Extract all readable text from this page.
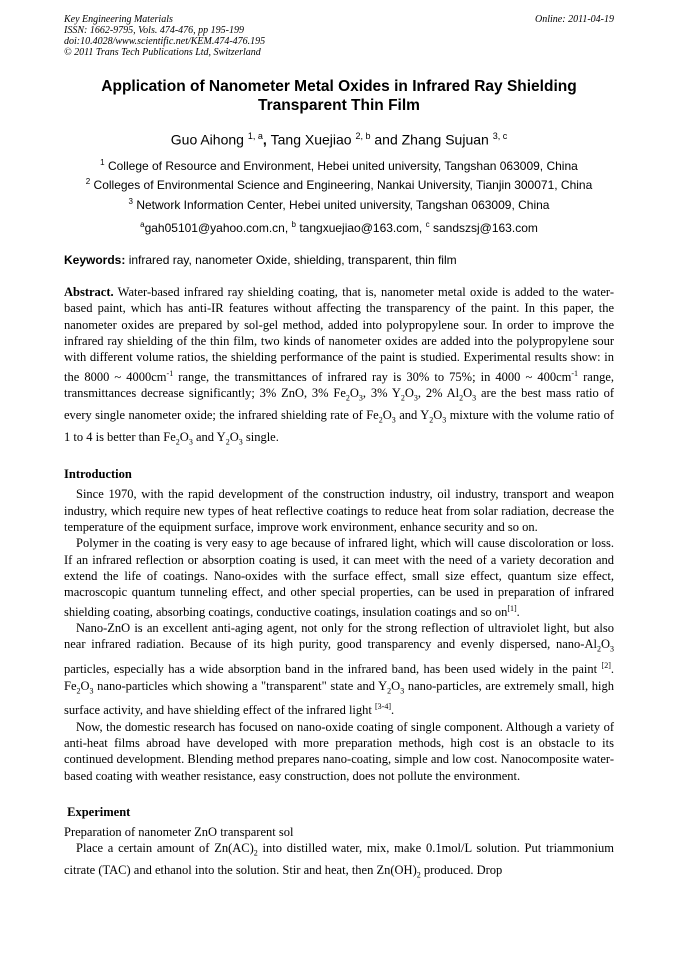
Key Engineering Materials
ISSN: 1662-9795, Vols. 474-476, pp 195-199
doi:10.4028/www.scientific.net/KEM.474-476.195
© 2011 Trans Tech Publications Ltd, Switzerland
Online: 2011-04-19
Application of Nanometer Metal Oxides in Infrared Ray Shielding
Transparent Thin Film
Guo Aihong $^{1, a}$, Tang Xuejiao $^{2, b}$ and Zhang Sujuan $^{3, c}$
$^1$ College of Resource and Environment, Hebei united university, Tangshan 063009, China
$^2$ Colleges of Environmental Science and Engineering, Nankai University, Tianjin 300071, China
$^3$ Network Information Center, Hebei united university, Tangshan 063009, China
$^a$gah05101@yahoo.com.cn, $^b$ tangxuejiao@163.com, $^c$ sandszsj@163.com
Keywords: infrared ray, nanometer Oxide, shielding, transparent, thin film
Abstract. Water-based infrared ray shielding coating, that is, nanometer metal oxide is added to the water-based paint, which has anti-IR features without affecting the transparency of the paint. In this paper, the nanometer oxides are prepared by sol-gel method, added into polypropylene sour. In order to improve the infrared ray shielding of the thin film, two kinds of nanometer oxides are added into the polypropylene sour with different volume ratios, the shielding performance of the paint is studied. Experimental results show: in the 8000 ~ $4000cm^{-1}$ range, the transmittances of infrared ray is 30% to 75%; in 4000 ~ $400cm^{-1}$ range, transmittances decrease significantly; 3% ZnO, 3% $Fe_2O_3$, 3% $Y_2O_3$, 2% $Al_2O_3$ are the best mass ratio of every single nanometer oxide; the infrared shielding rate of $Fe_2O_3$ and $Y_2O_3$ mixture with the volume ratio of 1 to 4 is better than $Fe_2O_3$ and $Y_2O_3$ single.
Introduction

Since 1970, with the rapid development of the construction industry, oil industry, transport and weapon industry, which require new types of heat reflective coatings to reduce heat from solar radiation, decrease the temperature of the equipment surface, improve work environment, enhance security and so on.

Polymer in the coating is very easy to age because of infrared light, which will cause discoloration or loss. If an infrared reflection or absorption coating is used, it can meet with the need of a variety decoration and extend the life of coatings. Nano-oxides with the surface effect, small size effect, quantum size effect, macroscopic quantum tunneling effect, and other special properties, can be used in preparation of infrared shielding coating, absorbing coatings, conductive coatings, insulation coatings and so on[1].

Nano-ZnO is an excellent anti-aging agent, not only for the strong reflection of ultraviolet light, but also near infrared radiation. Because of its high purity, good transparency and evenly dispersed, nano-$Al_2O_3$ particles, especially has a wide absorption band in the infrared band, has been used widely in the paint [2]. $Fe_2O_3$ nano-particles which showing a "transparent" state and $Y_2O_3$ nano-particles, are extremely small, high surface activity, and have shielding effect of the infrared light [3-4].

Now, the domestic research has focused on nano-oxide coating of single component. Although a variety of anti-heat films abroad have developed with more preparation methods, high cost is an obstacle to its continued development. Blending method prepares nano-coating, simple and low cost. Nanocomposite water-based coating with weather resistance, easy construction, does not pollute the environment.

Experiment

Preparation of nanometer ZnO transparent sol

Place a certain amount of $Zn(AC)_2$ into distilled water, mix, make 0.1mol/L solution. Put triammonium citrate (TAC) and ethanol into the solution. Stir and heat, then $Zn(OH)_2$ produced. Drop
